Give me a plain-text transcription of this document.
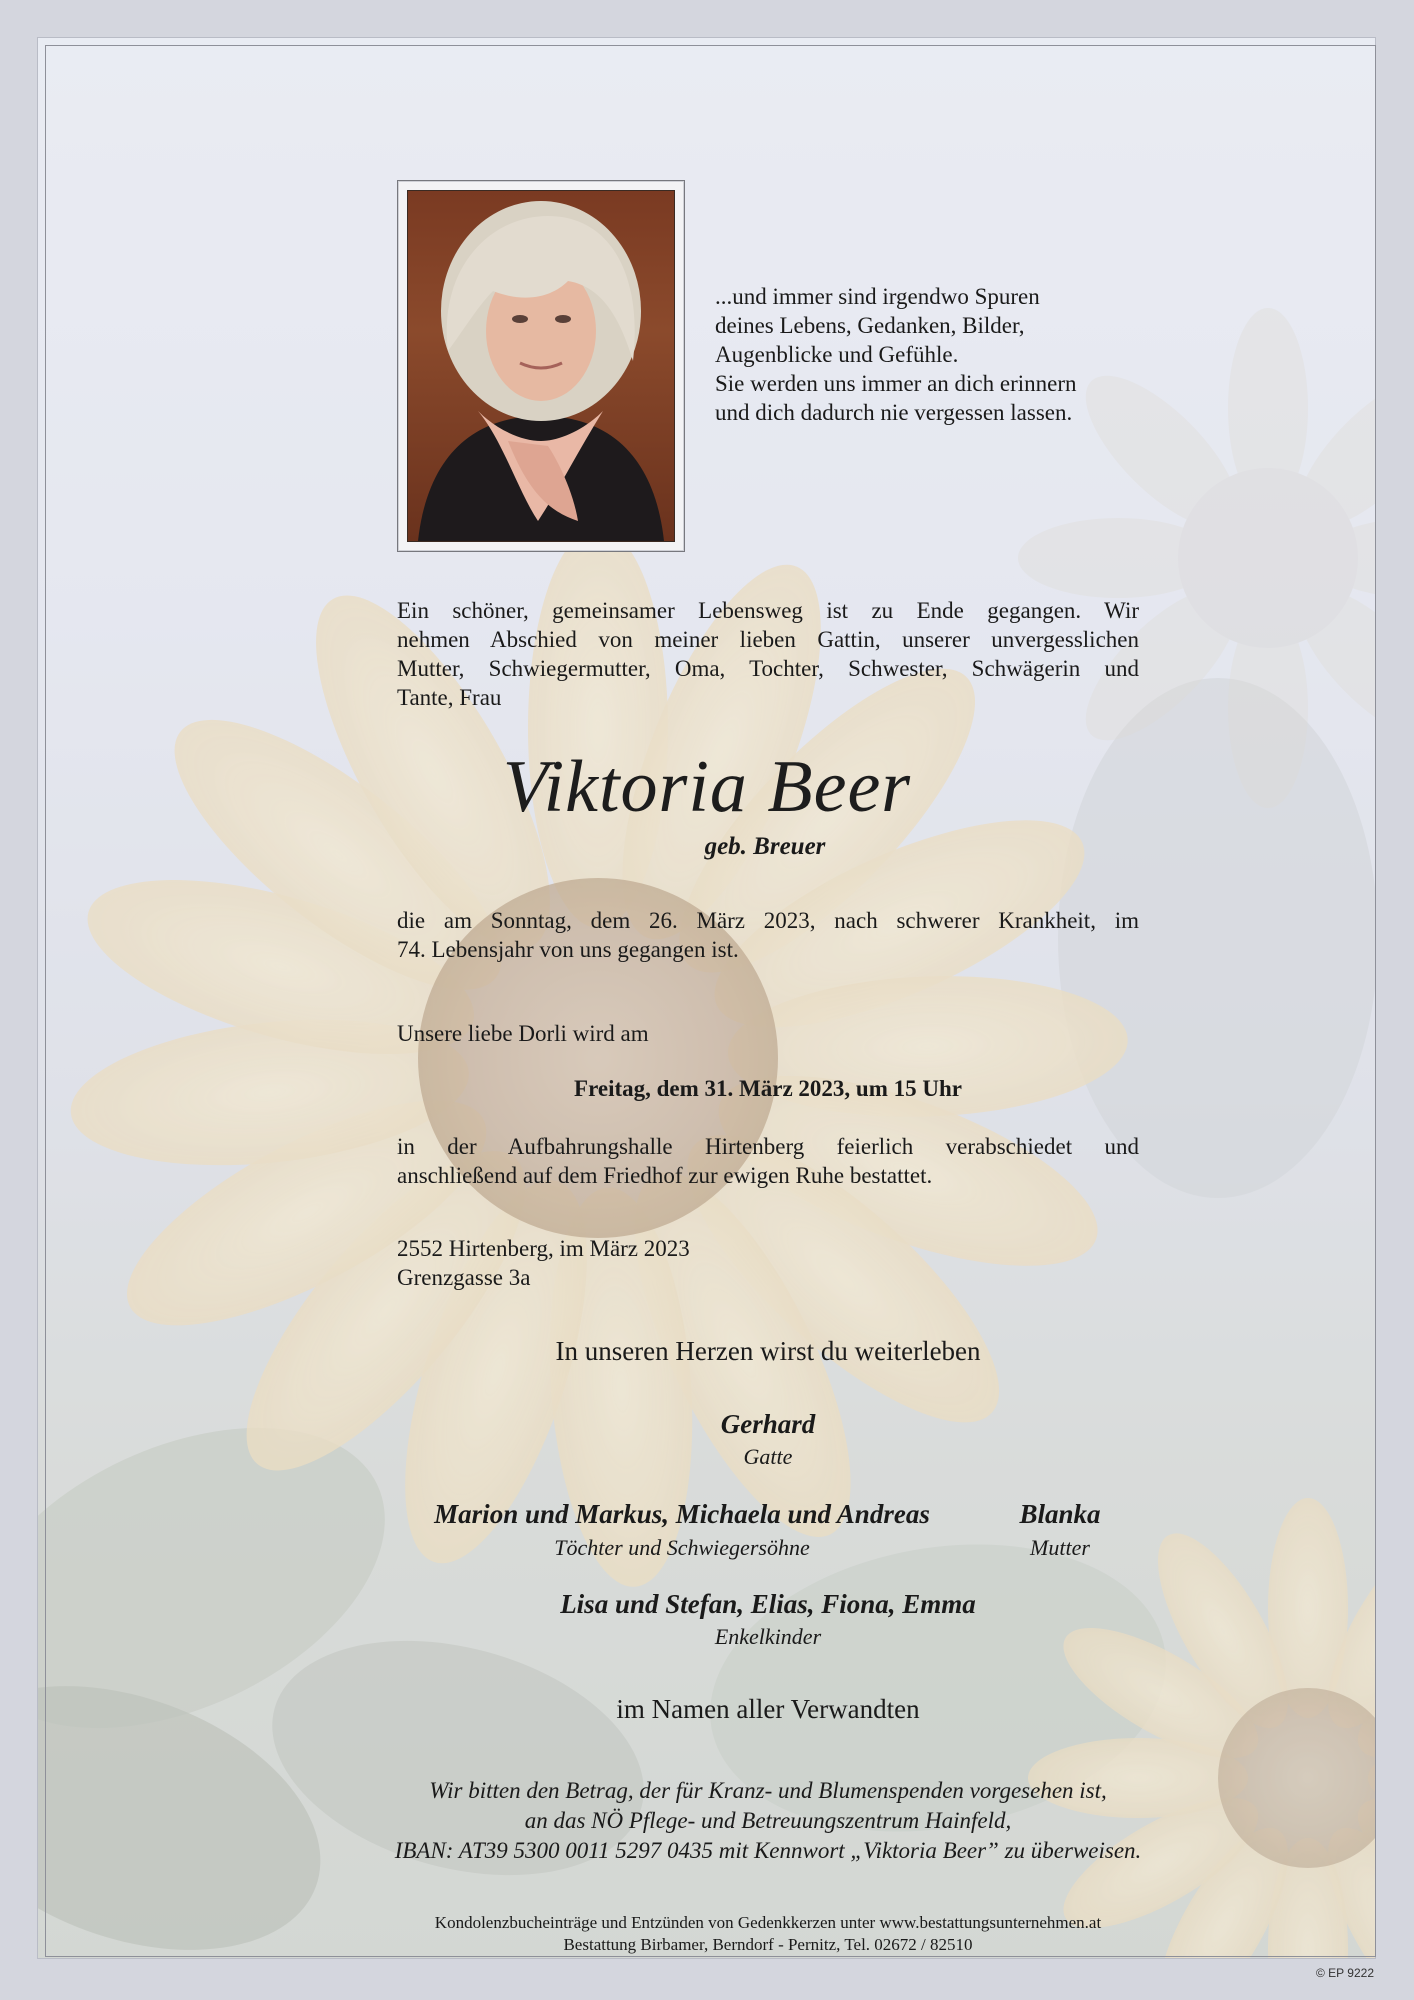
...und immer sind irgendwo Spuren
deines Lebens, Gedanken, Bilder,
Augenblicke und Gefühle.
Sie werden uns immer an dich erinnern
und dich dadurch nie vergessen lassen.
Ein schöner, gemeinsamer Lebensweg ist zu Ende gegangen. Wir
nehmen Abschied von meiner lieben Gattin, unserer unvergesslichen
Mutter, Schwiegermutter, Oma, Tochter, Schwester, Schwägerin und
Tante, Frau
Viktoria Beer
geb. Breuer
die am Sonntag, dem 26. März 2023, nach schwerer Krankheit, im
74. Lebensjahr von uns gegangen ist.
Unsere liebe Dorli wird am
Freitag, dem 31. März 2023, um 15 Uhr
in der Aufbahrungshalle Hirtenberg feierlich verabschiedet und
anschließend auf dem Friedhof zur ewigen Ruhe bestattet.
2552 Hirtenberg, im März 2023
Grenzgasse 3a
In unseren Herzen wirst du weiterleben
Gerhard
Gatte
Marion und Markus, Michaela und Andreas
Töchter und Schwiegersöhne
Blanka
Mutter
Lisa und Stefan, Elias, Fiona, Emma
Enkelkinder
im Namen aller Verwandten
Wir bitten den Betrag, der für Kranz- und Blumenspenden vorgesehen ist,
an das NÖ Pflege- und Betreuungszentrum Hainfeld,
IBAN: AT39 5300 0011 5297 0435 mit Kennwort „Viktoria Beer” zu überweisen.
Kondolenzbucheinträge und Entzünden von Gedenkkerzen unter www.bestattungsunternehmen.at
Bestattung Birbamer, Berndorf - Pernitz, Tel. 02672 / 82510
© EP 9222
